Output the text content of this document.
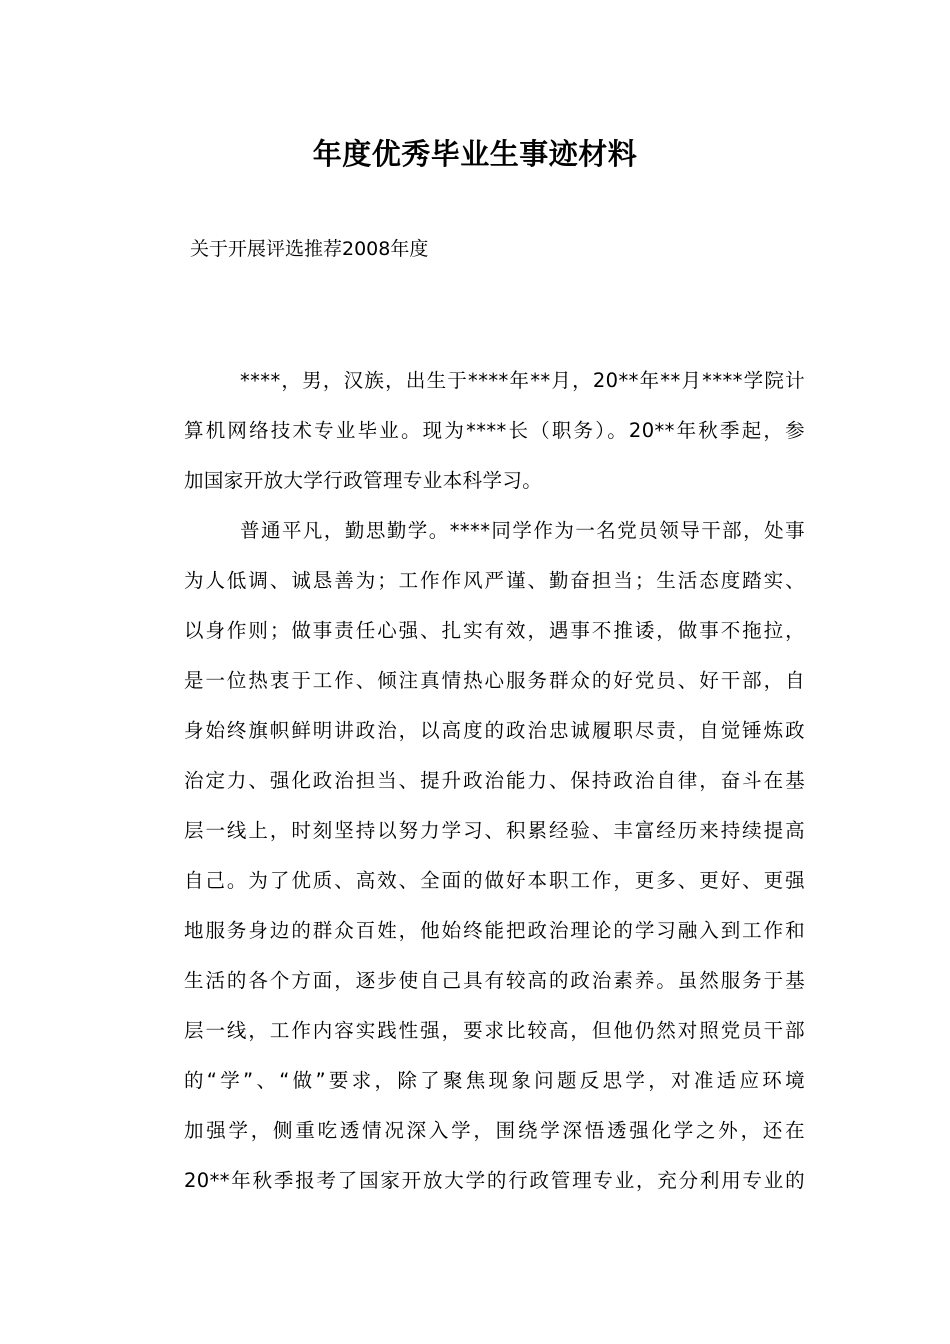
年度优秀毕业生事迹材料
关于开展评选推荐2008年度
****，男，汉族，出生于****年**月，20**年**月****学院计
算机网络技术专业毕业。现为****长（职务）。20**年秋季起，参
加国家开放大学行政管理专业本科学习。
普通平凡，勤思勤学。****同学作为一名党员领导干部，处事
为人低调、诚恳善为；工作作风严谨、勤奋担当；生活态度踏实、
以身作则；做事责任心强、扎实有效，遇事不推诿，做事不拖拉，
是一位热衷于工作、倾注真情热心服务群众的好党员、好干部，自
身始终旗帜鲜明讲政治，以高度的政治忠诚履职尽责，自觉锤炼政
治定力、强化政治担当、提升政治能力、保持政治自律，奋斗在基
层一线上，时刻坚持以努力学习、积累经验、丰富经历来持续提高
自己。为了优质、高效、全面的做好本职工作，更多、更好、更强
地服务身边的群众百姓，他始终能把政治理论的学习融入到工作和
生活的各个方面，逐步使自己具有较高的政治素养。虽然服务于基
层一线，工作内容实践性强，要求比较高，但他仍然对照党员干部
的“学”、“做”要求，除了聚焦现象问题反思学，对准适应环境
加强学，侧重吃透情况深入学，围绕学深悟透强化学之外，还在
20**年秋季报考了国家开放大学的行政管理专业，充分利用专业的
